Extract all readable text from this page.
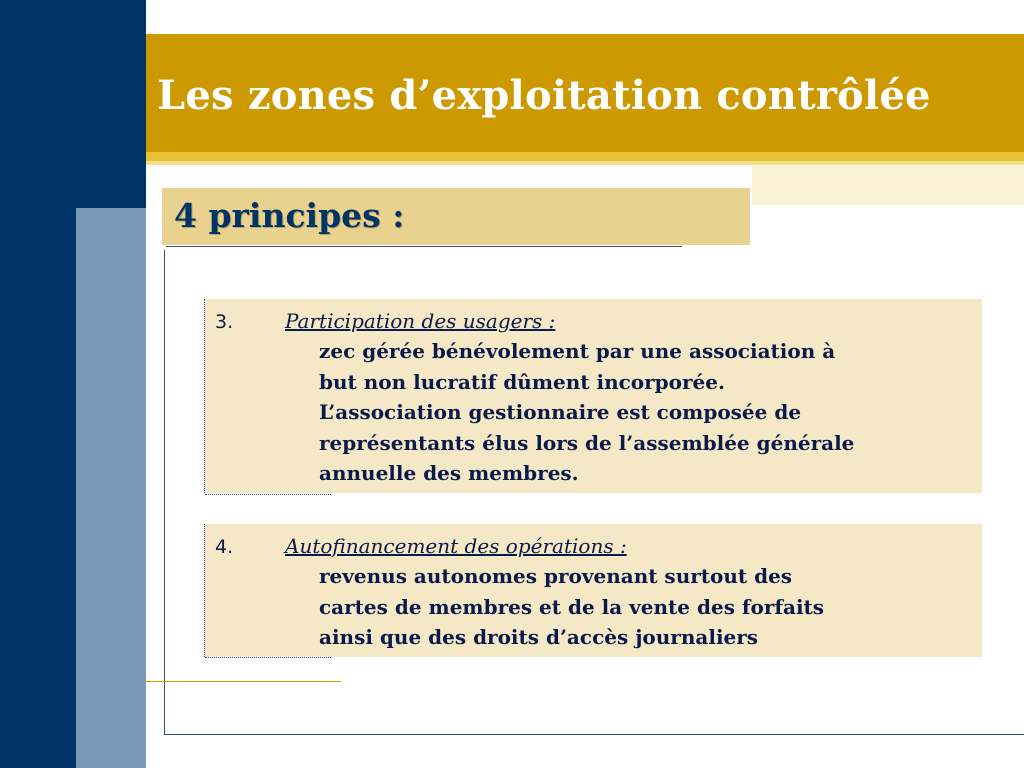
Les zones d’exploitation contrôlée
4 principes :
3.	Participation des usagers :
zec gérée bénévolement par une association à
but non lucratif dûment incorporée.
L’association gestionnaire est composée de
représentants élus lors de l’assemblée générale
annuelle des membres.
4.	Autofinancement des opérations :
revenus autonomes provenant surtout des
cartes de membres et de la vente des forfaits
ainsi que des droits d’accès journaliers
